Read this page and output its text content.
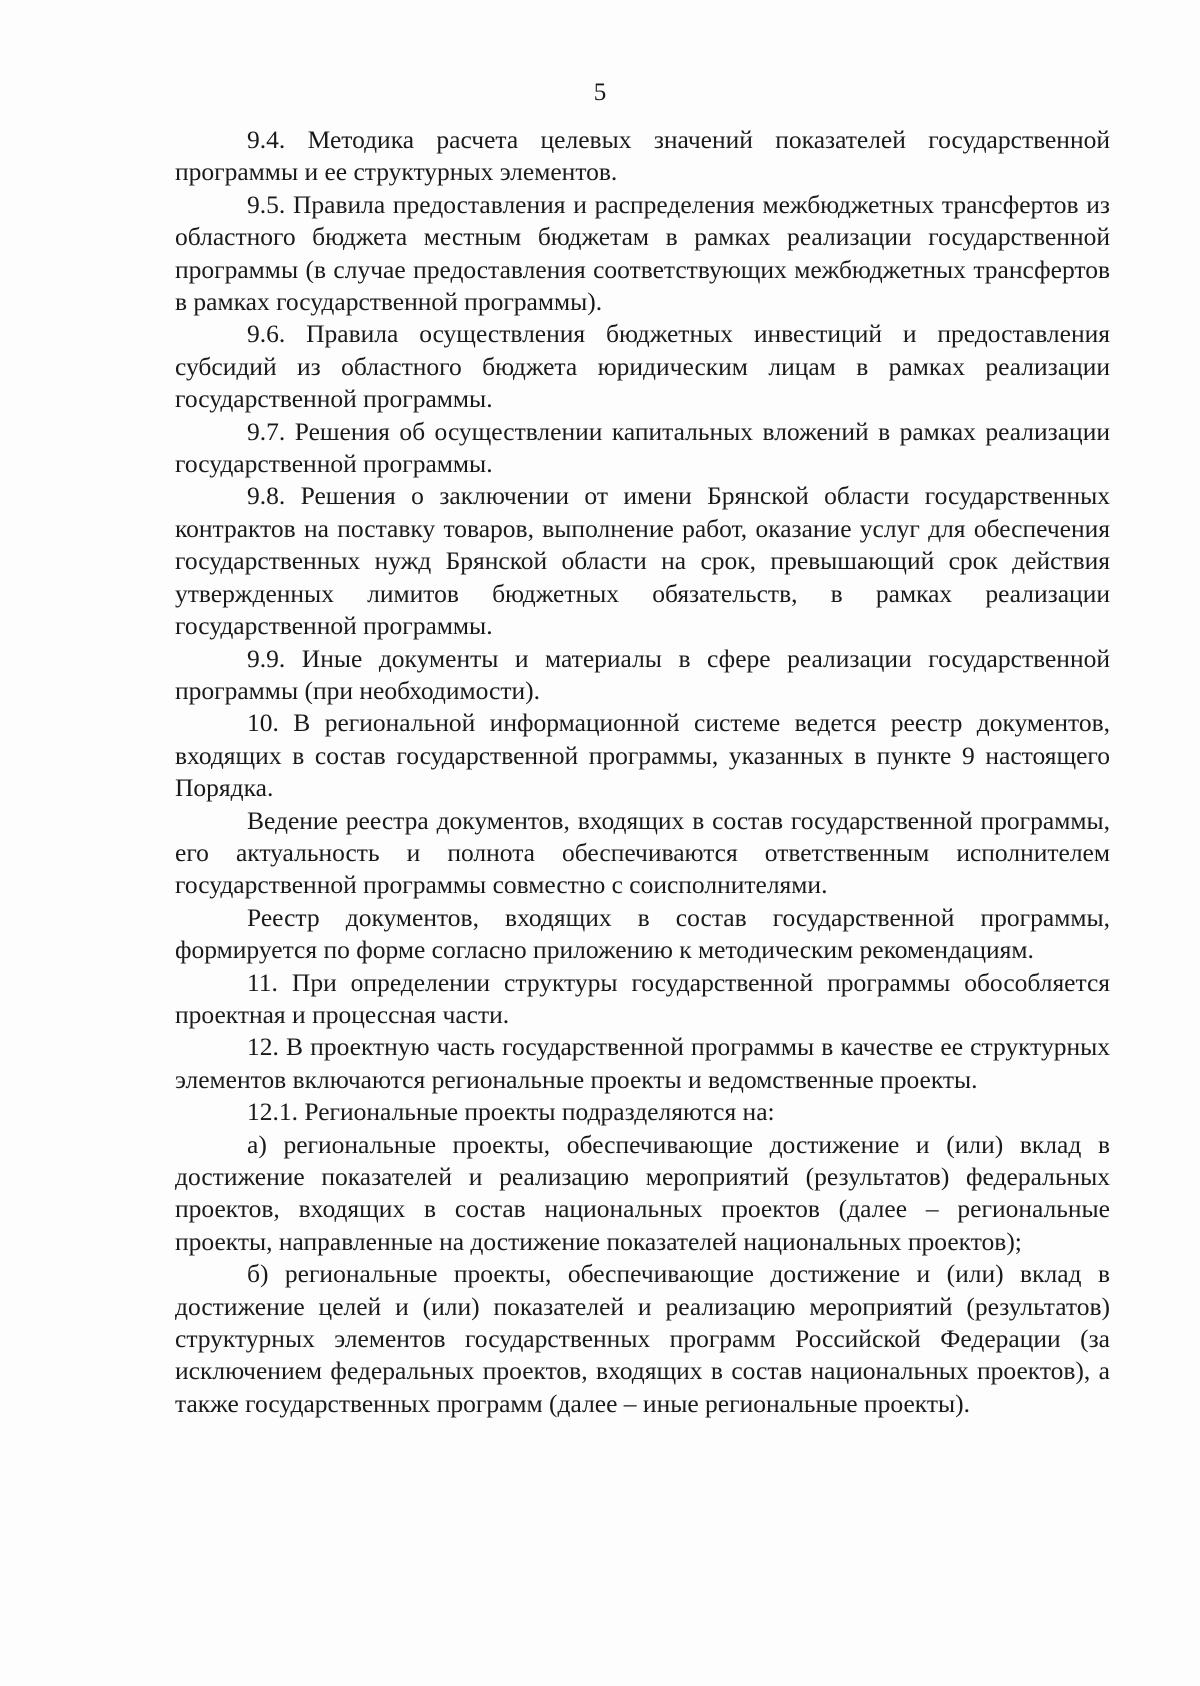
5

9.4. Методика расчета целевых значений показателей государственной программы и ее структурных элементов.

9.5. Правила предоставления и распределения межбюджетных трансфертов из областного бюджета местным бюджетам в рамках реализации государственной программы (в случае предоставления соответствующих межбюджетных трансфертов в рамках государственной программы).

9.6. Правила осуществления бюджетных инвестиций и предоставления субсидий из областного бюджета юридическим лицам в рамках реализации государственной программы.

9.7. Решения об осуществлении капитальных вложений в рамках реализации государственной программы.

9.8. Решения о заключении от имени Брянской области государственных контрактов на поставку товаров, выполнение работ, оказание услуг для обеспечения государственных нужд Брянской области на срок, превышающий срок действия утвержденных лимитов бюджетных обязательств, в рамках реализации государственной программы.

9.9. Иные документы и материалы в сфере реализации государственной программы (при необходимости).

10. В региональной информационной системе ведется реестр документов, входящих в состав государственной программы, указанных в пункте 9 настоящего Порядка.

Ведение реестра документов, входящих в состав государственной программы, его актуальность и полнота обеспечиваются ответственным исполнителем государственной программы совместно с соисполнителями.

Реестр документов, входящих в состав государственной программы, формируется по форме согласно приложению к методическим рекомендациям.

11. При определении структуры государственной программы обособляется проектная и процессная части.

12. В проектную часть государственной программы в качестве ее структурных элементов включаются региональные проекты и ведомственные проекты.

12.1. Региональные проекты подразделяются на:

а) региональные проекты, обеспечивающие достижение и (или) вклад в достижение показателей и реализацию мероприятий (результатов) федеральных проектов, входящих в состав национальных проектов (далее – региональные проекты, направленные на достижение показателей национальных проектов);

б) региональные проекты, обеспечивающие достижение и (или) вклад в достижение целей и (или) показателей и реализацию мероприятий (результатов) структурных элементов государственных программ Российской Федерации (за исключением федеральных проектов, входящих в состав национальных проектов), а также государственных программ (далее – иные региональные проекты).
